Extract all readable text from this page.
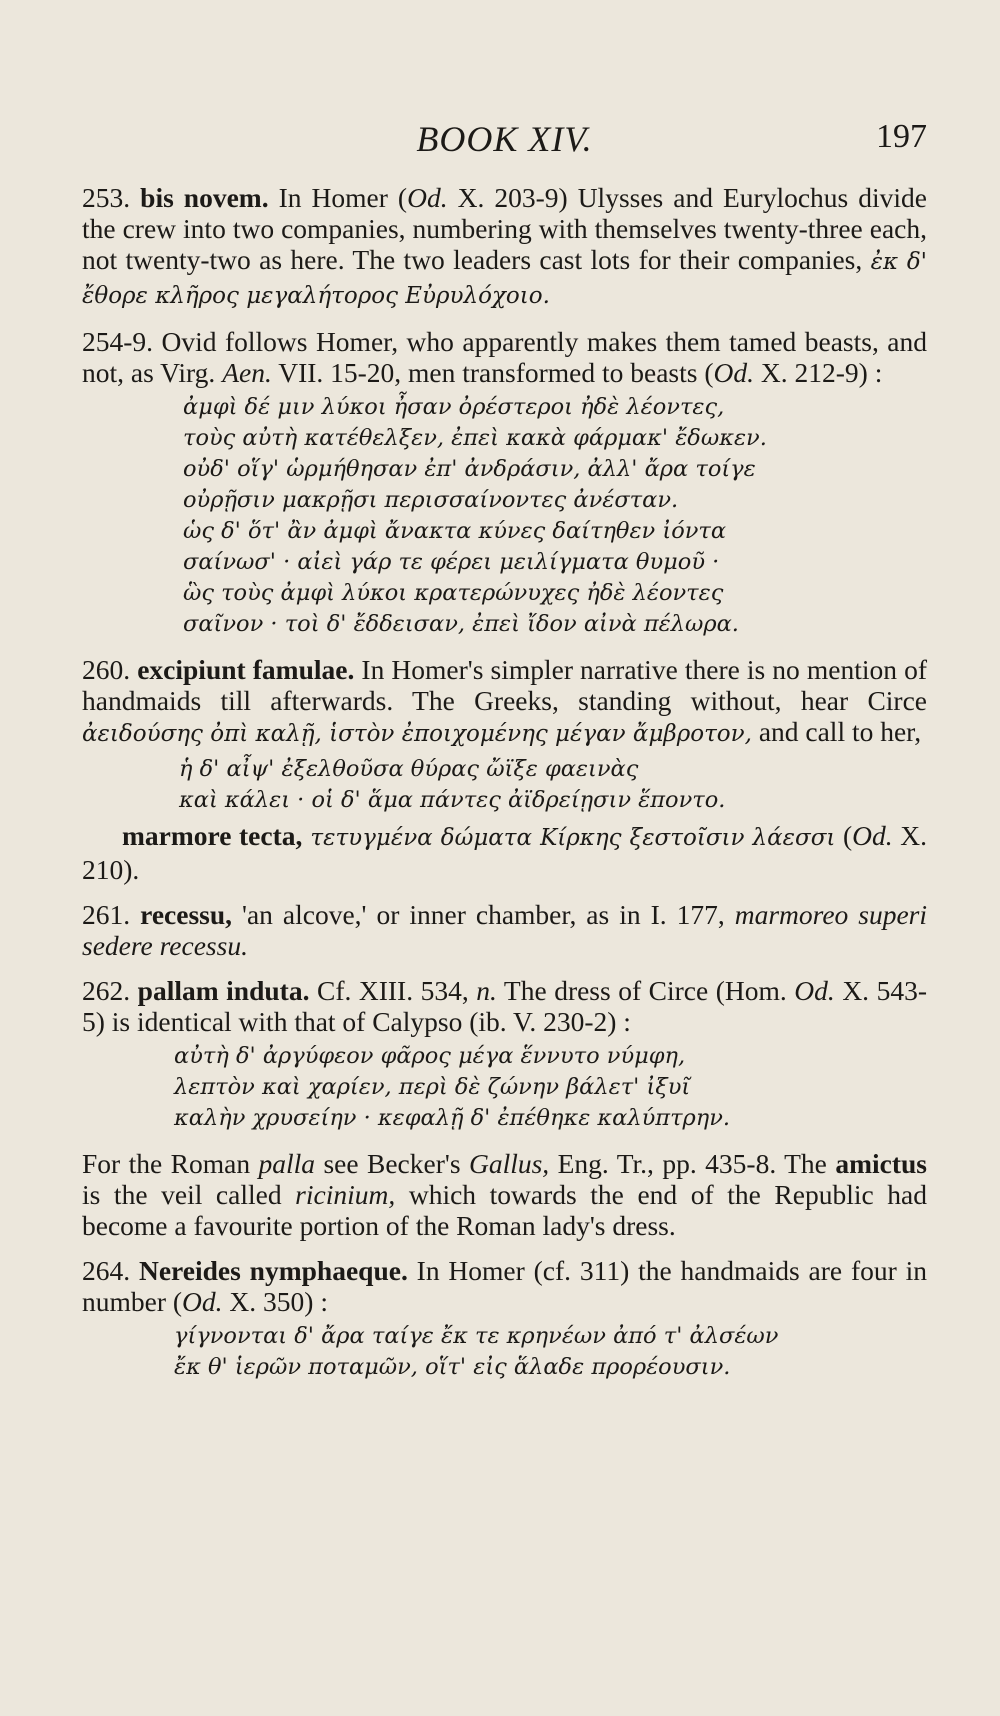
BOOK XIV.	197

253. bis novem. In Homer (Od. X. 203-9) Ulysses and Eurylochus divide the crew into two companies, numbering with themselves twenty-three each, not twenty-two as here. The two leaders cast lots for their companies, ἐκ δ' ἔθορε κλῆρος μεγαλήτορος Εὐρυλόχοιο.

254-9. Ovid follows Homer, who apparently makes them tamed beasts, and not, as Virg. Aen. VII. 15-20, men transformed to beasts (Od. X. 212-9) :

ἀμφὶ δέ μιν λύκοι ἦσαν ὀρέστεροι ἠδὲ λέοντες,
τοὺς αὐτὴ κατέθελξεν, ἐπεὶ κακὰ φάρμακ' ἔδωκεν.
οὐδ' οἵγ' ὡρμήθησαν ἐπ' ἀνδράσιν, ἀλλ' ἄρα τοίγε
οὐρῇσιν μακρῇσι περισσαίνοντες ἀνέσταν.
ὡς δ' ὅτ' ἂν ἀμφὶ ἄνακτα κύνες δαίτηθεν ἰόντα
σαίνωσ' · αἰεὶ γάρ τε φέρει μειλίγματα θυμοῦ ·
ὣς τοὺς ἀμφὶ λύκοι κρατερώνυχες ἠδὲ λέοντες
σαῖνον · τοὶ δ' ἔδδεισαν, ἐπεὶ ἴδον αἰνὰ πέλωρα.

260. excipiunt famulae. In Homer's simpler narrative there is no mention of handmaids till afterwards. The Greeks, standing without, hear Circe ἀειδούσης ὀπὶ καλῇ, ἱστὸν ἐποιχομένης μέγαν ἄμβροτον, and call to her,

ἡ δ' αἶψ' ἐξελθοῦσα θύρας ὤϊξε φαεινὰς
καὶ κάλει · οἱ δ' ἅμα πάντες ἀϊδρείῃσιν ἕποντο.

marmore tecta, τετυγμένα δώματα Κίρκης ξεστοῖσιν λάεσσι (Od. X. 210).

261. recessu, 'an alcove,' or inner chamber, as in I. 177, marmoreo superi sedere recessu.

262. pallam induta. Cf. XIII. 534, n. The dress of Circe (Hom. Od. X. 543-5) is identical with that of Calypso (ib. V. 230-2) :

αὐτὴ δ' ἀργύφεον φᾶρος μέγα ἕννυτο νύμφη,
λεπτὸν καὶ χαρίεν, περὶ δὲ ζώνην βάλετ' ἰξυῖ
καλὴν χρυσείην · κεφαλῇ δ' ἐπέθηκε καλύπτρην.

For the Roman palla see Becker's Gallus, Eng. Tr., pp. 435-8. The amictus is the veil called ricinium, which towards the end of the Republic had become a favourite portion of the Roman lady's dress.

264. Nereides nymphaeque. In Homer (cf. 311) the handmaids are four in number (Od. X. 350) :

γίγνονται δ' ἄρα ταίγε ἔκ τε κρηνέων ἀπό τ' ἀλσέων
ἔκ θ' ἱερῶν ποταμῶν, οἵτ' εἰς ἅλαδε προρέουσιν.
